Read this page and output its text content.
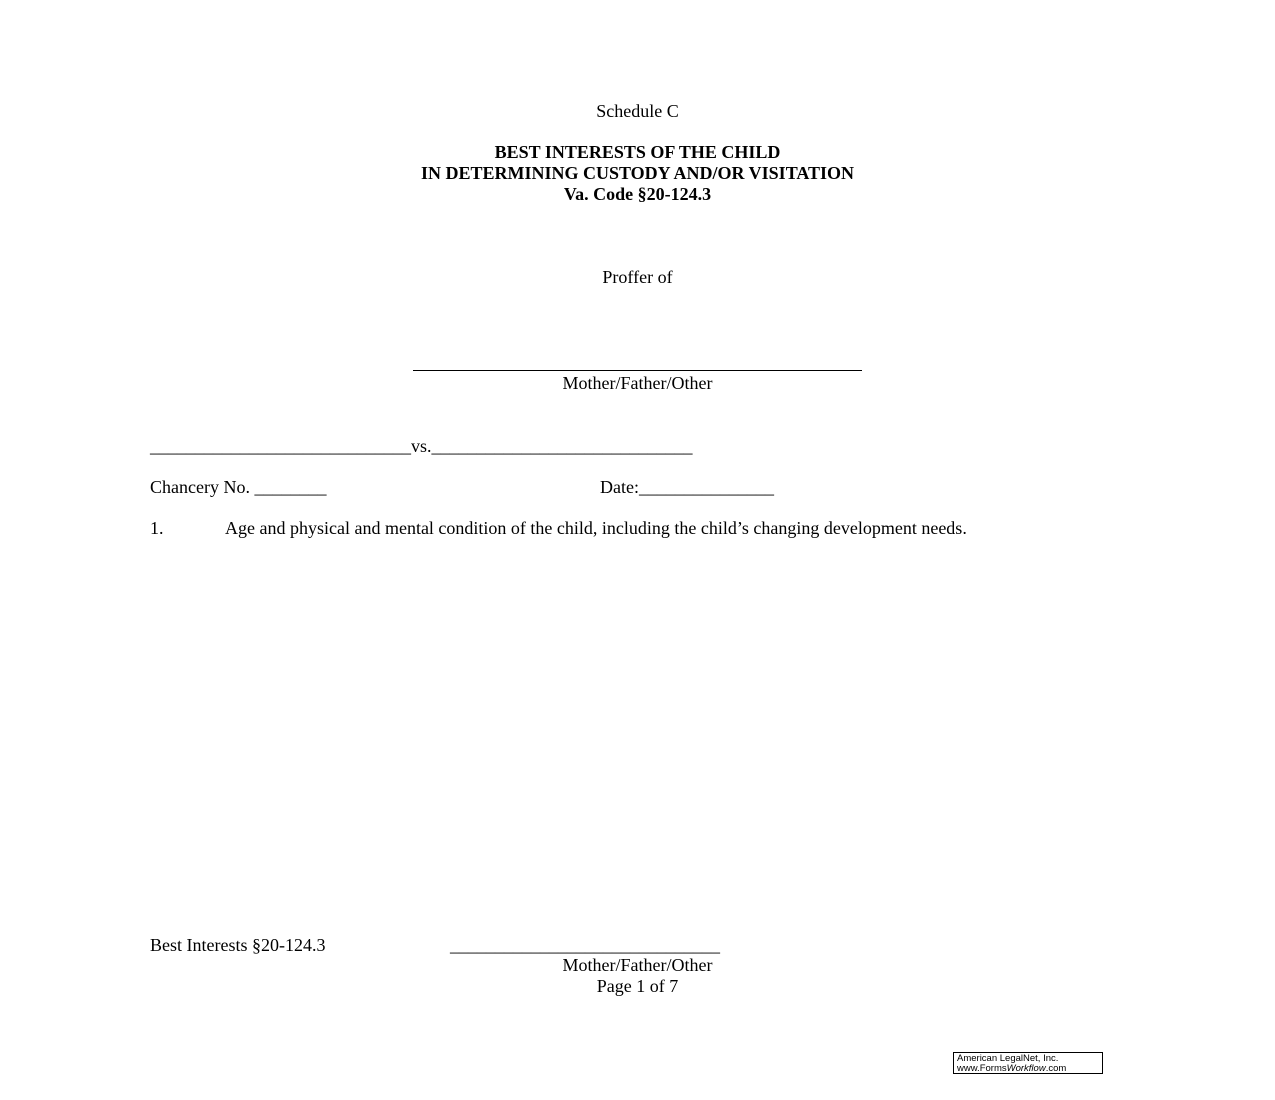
Schedule C
BEST INTERESTS OF THE CHILD
IN DETERMINING CUSTODY AND/OR VISITATION
Va. Code §20-124.3
Proffer of
Mother/Father/Other
_____________________________vs._____________________________
Chancery No. ________	Date:_______________
1.	Age and physical and mental condition of the child, including the child’s changing development needs.
Best Interests §20-124.3	______________________________
Mother/Father/Other
Page 1 of 7
American LegalNet, Inc.
www.FormsWorkflow.com
